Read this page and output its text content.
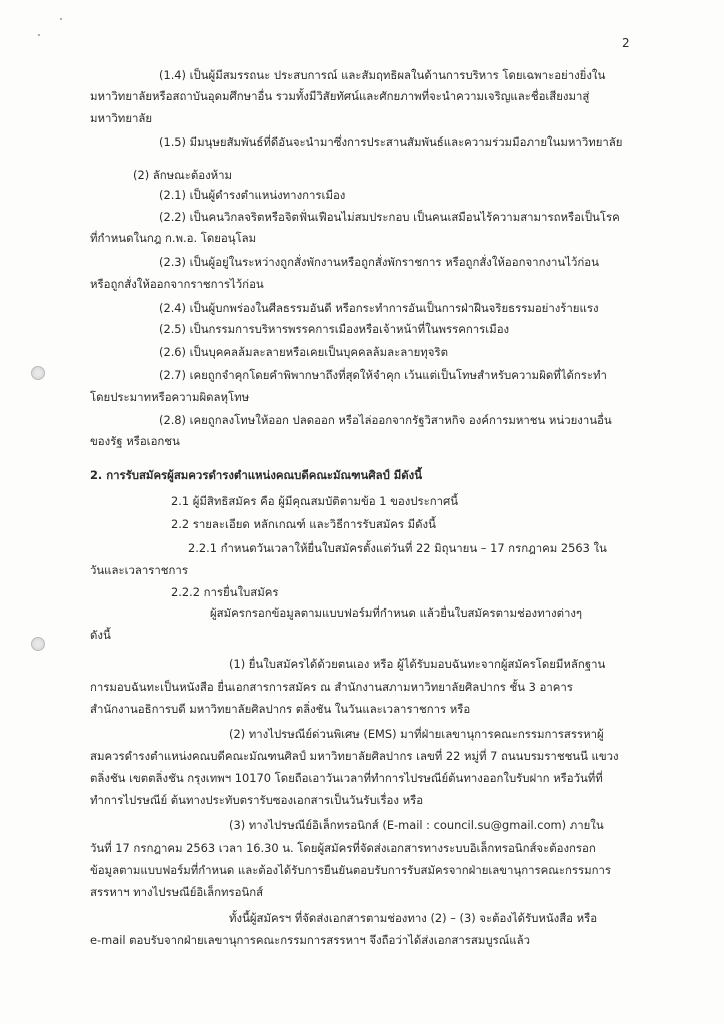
2
(1.4) เป็นผู้มีสมรรถนะ ประสบการณ์ และสัมฤทธิผลในด้านการบริหาร โดยเฉพาะอย่างยิ่งใน
มหาวิทยาลัยหรือสถาบันอุดมศึกษาอื่น รวมทั้งมีวิสัยทัศน์และศักยภาพที่จะนำความเจริญและชื่อเสียงมาสู่
มหาวิทยาลัย
(1.5) มีมนุษยสัมพันธ์ที่ดีอันจะนำมาซึ่งการประสานสัมพันธ์และความร่วมมือภายในมหาวิทยาลัย
(2) ลักษณะต้องห้าม
(2.1) เป็นผู้ดำรงตำแหน่งทางการเมือง
(2.2) เป็นคนวิกลจริตหรือจิตฟั่นเฟือนไม่สมประกอบ เป็นคนเสมือนไร้ความสามารถหรือเป็นโรค
ที่กำหนดในกฎ ก.พ.อ. โดยอนุโลม
(2.3) เป็นผู้อยู่ในระหว่างถูกสั่งพักงานหรือถูกสั่งพักราชการ หรือถูกสั่งให้ออกจากงานไว้ก่อน
หรือถูกสั่งให้ออกจากราชการไว้ก่อน
(2.4) เป็นผู้บกพร่องในศีลธรรมอันดี หรือกระทำการอันเป็นการฝ่าฝืนจริยธรรมอย่างร้ายแรง
(2.5) เป็นกรรมการบริหารพรรคการเมืองหรือเจ้าหน้าที่ในพรรคการเมือง
(2.6) เป็นบุคคลล้มละลายหรือเคยเป็นบุคคลล้มละลายทุจริต
(2.7) เคยถูกจำคุกโดยคำพิพากษาถึงที่สุดให้จำคุก เว้นแต่เป็นโทษสำหรับความผิดที่ได้กระทำ
โดยประมาทหรือความผิดลหุโทษ
(2.8) เคยถูกลงโทษให้ออก ปลดออก หรือไล่ออกจากรัฐวิสาหกิจ องค์การมหาชน หน่วยงานอื่น
ของรัฐ หรือเอกชน
2. การรับสมัครผู้สมควรดำรงตำแหน่งคณบดีคณะมัณฑนศิลป์ มีดังนี้
2.1 ผู้มีสิทธิสมัคร คือ ผู้มีคุณสมบัติตามข้อ 1 ของประกาศนี้
2.2 รายละเอียด หลักเกณฑ์ และวิธีการรับสมัคร มีดังนี้
2.2.1 กำหนดวันเวลาให้ยื่นใบสมัครตั้งแต่วันที่ 22 มิถุนายน – 17 กรกฎาคม 2563 ใน
วันและเวลาราชการ
2.2.2 การยื่นใบสมัคร
ผู้สมัครกรอกข้อมูลตามแบบฟอร์มที่กำหนด แล้วยื่นใบสมัครตามช่องทางต่างๆ
ดังนี้
(1) ยื่นใบสมัครได้ด้วยตนเอง หรือ ผู้ได้รับมอบฉันทะจากผู้สมัครโดยมีหลักฐาน
การมอบฉันทะเป็นหนังสือ ยื่นเอกสารการสมัคร ณ สำนักงานสภามหาวิทยาลัยศิลปากร ชั้น 3 อาคาร
สำนักงานอธิการบดี มหาวิทยาลัยศิลปากร ตลิ่งชัน ในวันและเวลาราชการ หรือ
(2) ทางไปรษณีย์ด่วนพิเศษ (EMS) มาที่ฝ่ายเลขานุการคณะกรรมการสรรหาผู้
สมควรดำรงตำแหน่งคณบดีคณะมัณฑนศิลป์ มหาวิทยาลัยศิลปากร เลขที่ 22 หมู่ที่ 7 ถนนบรมราชชนนี แขวง
ตลิ่งชัน เขตตลิ่งชัน กรุงเทพฯ 10170 โดยถือเอาวันเวลาที่ทำการไปรษณีย์ต้นทางออกใบรับฝาก หรือวันที่ที่
ทำการไปรษณีย์ ต้นทางประทับตรารับซองเอกสารเป็นวันรับเรื่อง หรือ
(3) ทางไปรษณีย์อิเล็กทรอนิกส์ (E-mail : council.su@gmail.com) ภายใน
วันที่ 17 กรกฎาคม 2563 เวลา 16.30 น. โดยผู้สมัครที่จัดส่งเอกสารทางระบบอิเล็กทรอนิกส์จะต้องกรอก
ข้อมูลตามแบบฟอร์มที่กำหนด และต้องได้รับการยืนยันตอบรับการรับสมัครจากฝ่ายเลขานุการคณะกรรมการ
สรรหาฯ ทางไปรษณีย์อิเล็กทรอนิกส์
ทั้งนี้ผู้สมัครฯ ที่จัดส่งเอกสารตามช่องทาง (2) – (3) จะต้องได้รับหนังสือ หรือ
e-mail ตอบรับจากฝ่ายเลขานุการคณะกรรมการสรรหาฯ จึงถือว่าได้ส่งเอกสารสมบูรณ์แล้ว
